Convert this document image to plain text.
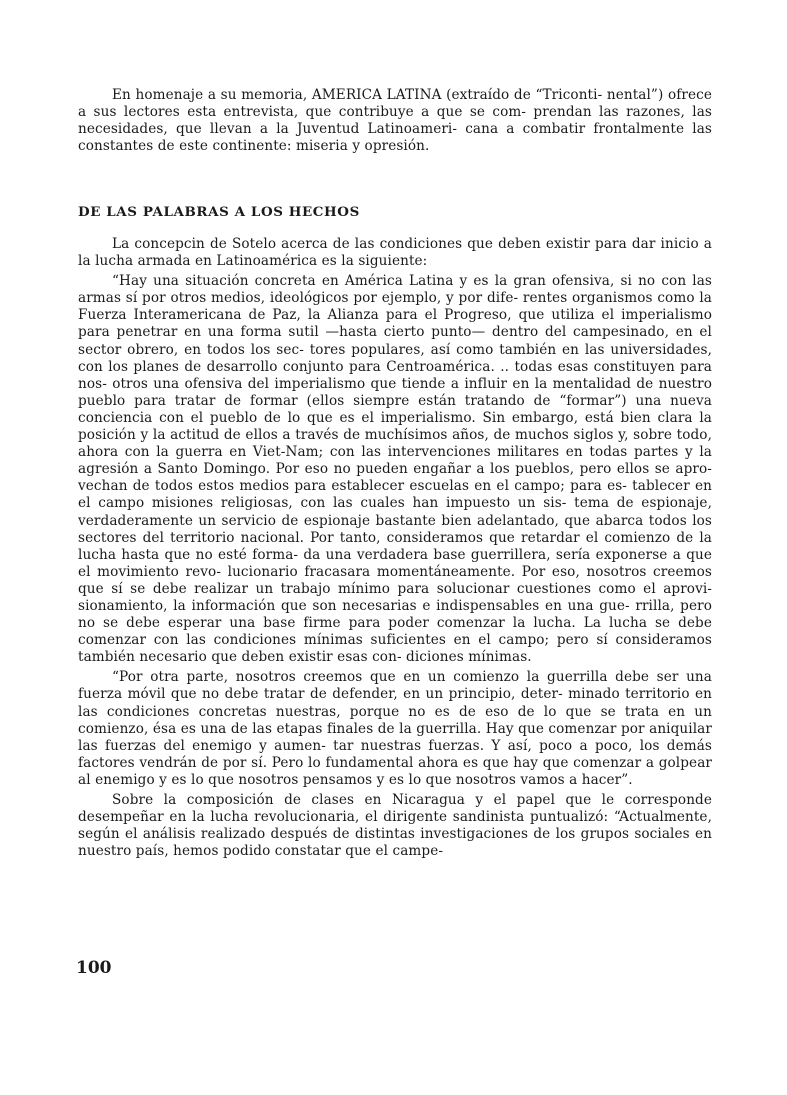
En homenaje a su memoria, AMERICA LATINA (extraído de “Triconti- nental”) ofrece a sus lectores esta entrevista, que contribuye a que se com- prendan las razones, las necesidades, que llevan a la Juventud Latinoameri- cana a combatir frontalmente las constantes de este continente: miseria y opresión.

DE LAS PALABRAS A LOS HECHOS

La concepcin de Sotelo acerca de las condiciones que deben existir para dar inicio a la lucha armada en Latinoamérica es la siguiente:

“Hay una situación concreta en América Latina y es la gran ofensiva, si no con las armas sí por otros medios, ideológicos por ejemplo, y por dife- rentes organismos como la Fuerza Interamericana de Paz, la Alianza para el Progreso, que utiliza el imperialismo para penetrar en una forma sutil —hasta cierto punto— dentro del campesinado, en el sector obrero, en todos los sec- tores populares, así como también en las universidades, con los planes de desarrollo conjunto para Centroamérica. .. todas esas constituyen para nos- otros una ofensiva del imperialismo que tiende a influir en la mentalidad de nuestro pueblo para tratar de formar (ellos siempre están tratando de “formar”) una nueva conciencia con el pueblo de lo que es el imperialismo. Sin embargo, está bien clara la posición y la actitud de ellos a través de muchísimos años, de muchos siglos y, sobre todo, ahora con la guerra en Viet-Nam; con las intervenciones militares en todas partes y la agresión a Santo Domingo. Por eso no pueden engañar a los pueblos, pero ellos se apro- vechan de todos estos medios para establecer escuelas en el campo; para es- tablecer en el campo misiones religiosas, con las cuales han impuesto un sis- tema de espionaje, verdaderamente un servicio de espionaje bastante bien adelantado, que abarca todos los sectores del territorio nacional. Por tanto, consideramos que retardar el comienzo de la lucha hasta que no esté forma- da una verdadera base guerrillera, sería exponerse a que el movimiento revo- lucionario fracasara momentáneamente. Por eso, nosotros creemos que sí se debe realizar un trabajo mínimo para solucionar cuestiones como el aprovi- sionamiento, la información que son necesarias e indispensables en una gue- rrilla, pero no se debe esperar una base firme para poder comenzar la lucha. La lucha se debe comenzar con las condiciones mínimas suficientes en el campo; pero sí consideramos también necesario que deben existir esas con- diciones mínimas.

“Por otra parte, nosotros creemos que en un comienzo la guerrilla debe ser una fuerza móvil que no debe tratar de defender, en un principio, deter- minado territorio en las condiciones concretas nuestras, porque no es de eso de lo que se trata en un comienzo, ésa es una de las etapas finales de la guerrilla. Hay que comenzar por aniquilar las fuerzas del enemigo y aumen- tar nuestras fuerzas. Y así, poco a poco, los demás factores vendrán de por sí. Pero lo fundamental ahora es que hay que comenzar a golpear al enemigo y es lo que nosotros pensamos y es lo que nosotros vamos a hacer”.

Sobre la composición de clases en Nicaragua y el papel que le corresponde desempeñar en la lucha revolucionaria, el dirigente sandinista puntualizó: “Actualmente, según el análisis realizado después de distintas investigaciones de los grupos sociales en nuestro país, hemos podido constatar que el campe-

100
